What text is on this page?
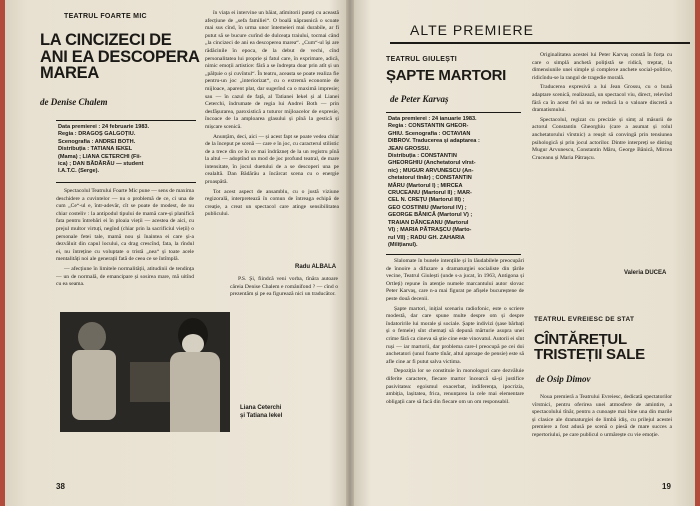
TEATRUL FOARTE MIC
LA CINCIZECI DE ANI EA DESCOPERA MAREA
de Denise Chalem
Data premierei : 24 februarie 1983.
Regia : DRAGOȘ GALGOȚIU.
Scenografia : ANDREI BOTH.
Distribuția : TATIANA IEKEL
(Mama) ; LIANA CETERCHI (Fii-
ica) ; DAN BĂDĂRĂU — student
I.A.T.C. (Serge).

Spectacolul Teatrului Foarte Mic pune — sens de maxima deschidere a cuvintelor — nu o problemă de ce, ci una de cum „Ce“-ul e, într-adevăr, cît se poate de modest, de nu chiar costeliv : la antipodul tipului de mamă care-și planifică fata pentru întrebări ei în ploaia vieții — acestea de aici, cu prejul multor virtuți, negînd (chiar prin la sacrificiul vieții) o personale fetei tale, mamă nou și înaintea ei care și-a dezvăluit din capul locului, ca drag crescînd, fata, la rîndul ei, nu întreține cu voluptate o tristă „nea“ și toate acele mentalități noi ale generații fată de ceea ce se întîmplă.

— afecțiune în limitele normalității, atitudinii de tendința — un de normală, de emancipare și sosirea mare, mă uitînd cu ea seama.

în viața ei intervine un băiat, atîmitorii puteți cu această afecțiune de „sefa familiei“. O boală năprasnică o scoate mai sus cînd, în urma unor întemeieri mai durabile, ar fi putut să se bucure curînd de dulceața traiului, tocmai când „la cincizeci de ani ea descoperea marea“. „Cum“-ul își are rădăcinile în epoca, de la debut de vechi, cînd personalitatea lui proprie și fatul care, în exprimare, adică, nimic emoții artistice: fără a se îndrepta doar prin atît și un „pălțuie o și cuvîntul“. În teatru, aceasta se poate realiza fie pentru-un joc „interiorizat“, cu o extremă economie de mijloace, aparent plat, dar sugerînd ca o maximă impresie; sau — în cazul de față, al Tatianei Iekel și al Lianei Ceterchi, îndrumate de regia lui Andrei Both — prin desfășurarea, paroxistică a tuturor mijloacelor de expresie, încoace de la amploarea glasului și pînă la gestică și mișcare scenică.

Anunțăm, deci, aici — și acest fapt se poate vedea chiar de la început pe scenă — care e în joc, cu caracterul stilistic de a trece din ce în ce mai îndrăzneț de la un registru pînă la altul — adoptînd un mod de joc profund teatral, de mare intensitate, în jocul duetului de a se descoperi una pe cealaltă. Dan Bădărău a încărcat scena cu o energie proaspătă.

Tot acest aspect de ansamblu, cu o justă viziune regizorală, interpretează în comun de întreaga echipă de creație, a creat un spectacol care atinge sensibilitatea publicului.

Radu ALBALA

P.S. Și, fiindcă veni vorba, tînăra autoare căreia Denise Chalem e românifond ? — cînd o prezentăm și pe ea figurează nici un traducător.

Liana Ceterchi
și Tatiana Iekel
38
ALTE PREMIERE
TEATRUL GIULEȘTI
ȘAPTE MARTORI
de Peter Karvaș
Data premierei : 24 ianuarie 1983.
Regia : CONSTANTIN GHEOR-
GHIU. Scenografia : OCTAVIAN
DIBROV. Traducerea și adaptarea :
JEAN GROSSU.
Distribuția : CONSTANTIN
GHEORGHIU (Anchetatorul vîrst-
nic) ; MUGUR ARVUNESCU (An-
chetatorul tînăr) ; CONSTANTIN
MÂRU (Martorul I) ; MIRCEA
CRUCEANU (Martorul II) ; MAR-
CEL N. CREȚU (Martorul III) ;
GEO COSTINIU (Martorul IV) ;
GEORGE BĂNICĂ (Martorul V) ;
TRAIAN DĂNCEANU (Martorul
VI) ; MARIA PĂTRAȘCU (Marto-
rul VII) ; RADU GH. ZAHARIA
(Milițianul).

Slalomate în bunele intențiile și în lăudabilele preocupări de înnoire a difuzare a dramaturgiei socialiste din țările vecine, Teatrul Giulești (unde s-a jucat, în 1963, Antigona și Ortleți) repune în atenție numele marcantului autor slovac Peter Karvaș, care n-a mai figurat pe afișele bucureștene de peste două decenii.

Șapte martori, inițial scenariu radiofonic, este o scriere modestă, dar care spune multe despre om și despre îndatoririle lui morale și sociale. Șapte indivizi (șase bărbați și o femeie) sînt chemați să depună mărturie asupra unei crime fără ca cineva să știe cine este vinovatul. Autorii ei sînt ruși — iar martorii, dar problema care-l preocupă pe cei doi anchetatori (unul foarte tînăr, altul aproape de pensie) este să afle cine ar fi putut salva victima.

Depoziția lor se constituie în monologuri care dezvăluie diferite caractere, fiecare martor încearcă să-și justifice pasivitatea: egoismul exacerbat, indiferența, ipocrizia, ambiția, lașitatea, frica, renunțarea la cele mai elementare obligații care să facă din fiecare om un om responsabil.

Originalitatea acestei lui Peter Karvaș constă în forța cu care o simplă anchetă polițistă se ridică, treptat, la dimensiunile unei simple și complexe anchete social-politice, ridicîndu-se la rangul de tragedie morală.

Traducerea expresivă a lui Jean Grossu, cu o bună adaptare scenică, realizează, un spectacol viu, direct, relevînd fără ca în acest fel să nu se reducă la o valoare discretă a dramatismului.

Spectacolul, regizat cu precizie și simț al măsurii de actorul Constantin Gheorghiu (care a asumat și rolul anchetatorului vîrstnic) a reușit să convingă prin tensiunea psihologică și prin jocul actorilor. Dintre interpreți se disting Mugur Arvunescu, Constantin Mâru, George Bănică, Mircea Cruceanu și Maria Pătrașcu.

Valeria DUCEA
TEATRUL EVREIESC DE STAT
CÎNTĂREȚUL TRISTEȚII SALE
de Osip Dimov

Noua premieră a Teatrului Evreiesc, dedicată spectatorilor vîrstnici, pentru oferirea unei atmosfere de amintire, a spectacolului tînăr, pentru a cunoaște mai bine una din marile și clasice ale dramaturgiei de limbă idiș, cu prilejul acestei premiere a fost adusă pe scenă o piesă de mare succes a repertoriului, pe care publicul o urmărește cu vie emoție.

19
